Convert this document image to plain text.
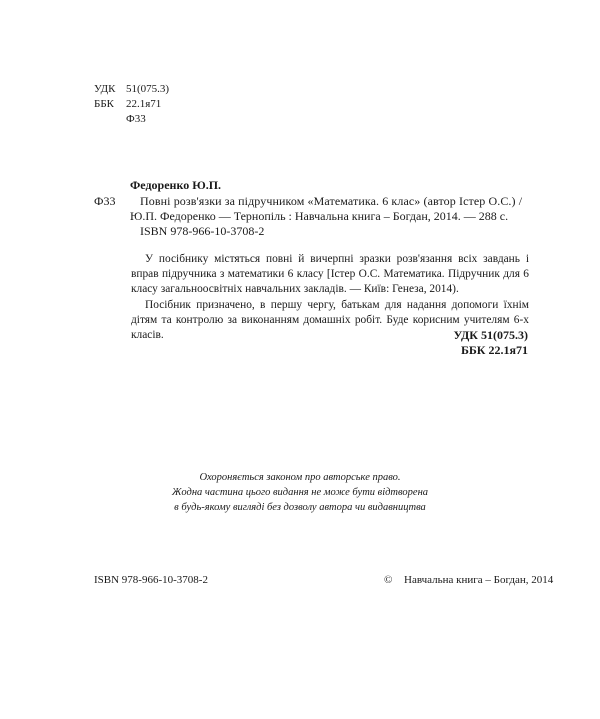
УДК 51(075.3)
ББК	22.1я71
Ф33
Федоренко Ю.П.
Ф33 Повні розв'язки за підручником «Математика. 6 клас» (автор Істер О.С.) /
Ю.П. Федоренко — Тернопіль : Навчальна книга – Богдан, 2014. — 288 с.
ISBN 978-966-10-3708-2
У посібнику містяться повні й вичерпні зразки розв'язання всіх завдань і вправ підручника з математики 6 класу [Істер О.С. Математика. Підручник для 6 класу загальноосвітніх навчальних закладів. — Київ: Генеза, 2014).
Посібник призначено, в першу чергу, батькам для надання допомоги їхнім дітям та контролю за виконанням домашніх робіт. Буде корисним учителям 6-х класів.	УДК 51(075.3)
ББК 22.1я71
Охороняється законом про авторське право.
Жодна частина цього видання не може бути відтворена
в будь-якому вигляді без дозволу автора чи видавництва
ISBN 978-966-10-3708-2	© Навчальна книга – Богдан, 2014
